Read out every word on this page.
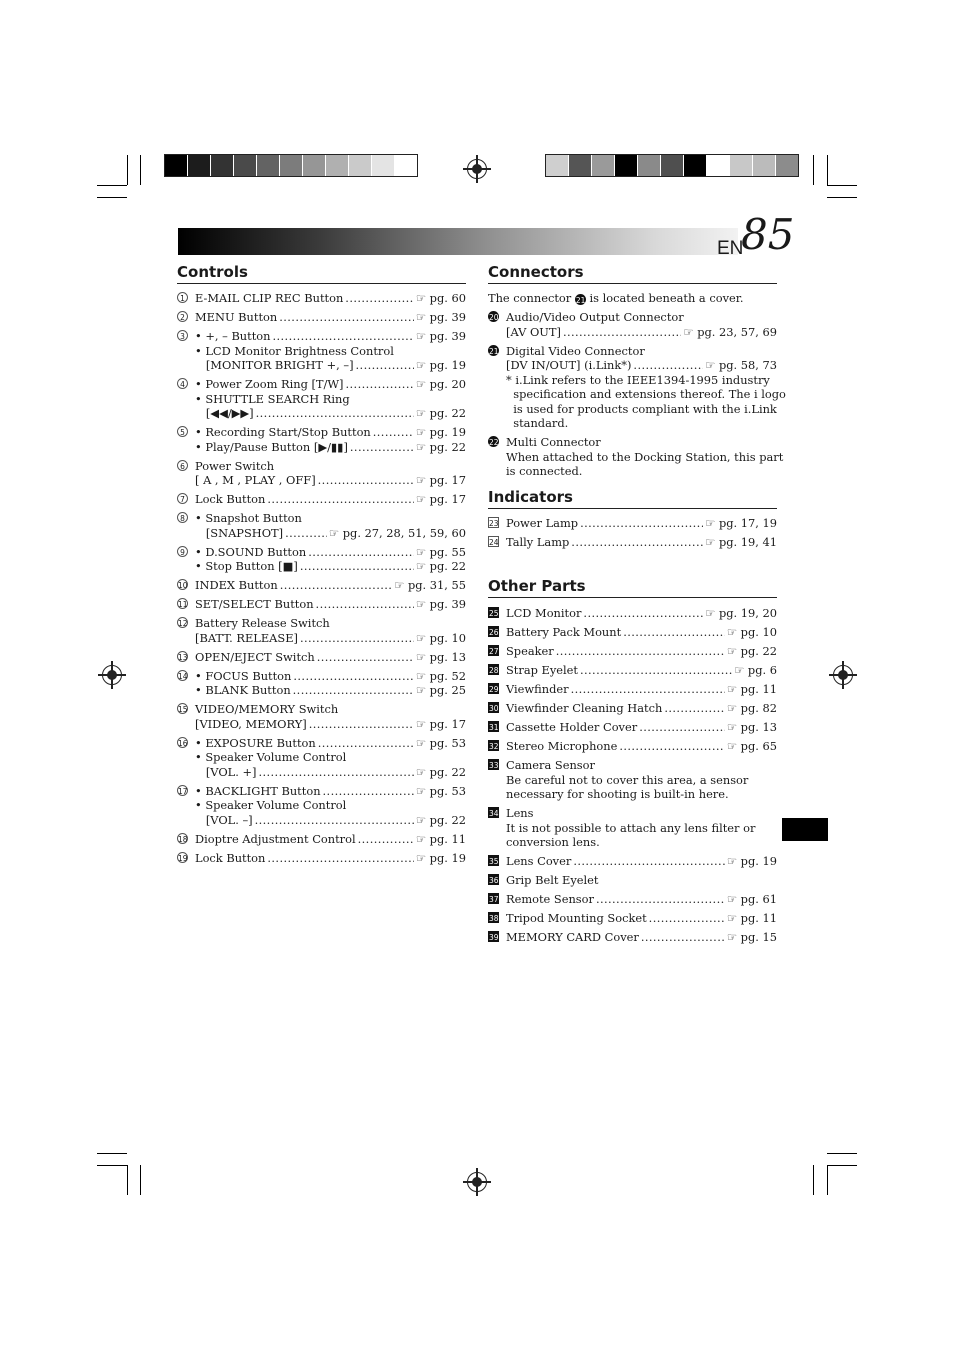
EN
85
Controls	Connectors
Indicators
Other Parts
1 E-MAIL CLIP REC Button .....	☞ pg. 60
2 MENU Button .....	☞ pg. 39
3 • +, – Button .....	☞ pg. 39
• LCD Monitor Brightness Control
[MONITOR BRIGHT +, –] .....	☞ pg. 19
4 • Power Zoom Ring [T/W] .....	☞ pg. 20
• SHUTTLE SEARCH Ring
[◀◀/▶▶] .....	☞ pg. 22
5 • Recording Start/Stop Button .....	☞ pg. 19
• Play/Pause Button [▶/▮▮] .....	☞ pg. 22
6 Power Switch
[ A , M , PLAY , OFF] .....	☞ pg. 17
7 Lock Button .....	☞ pg. 17
8 • Snapshot Button
[SNAPSHOT] .....	☞ pg. 27, 28, 51, 59, 60
9 • D.SOUND Button .....	☞ pg. 55
• Stop Button [■] .....	☞ pg. 22
10 INDEX Button .....	☞ pg. 31, 55
11 SET/SELECT Button .....	☞ pg. 39
12 Battery Release Switch
[BATT. RELEASE] .....	☞ pg. 10
13 OPEN/EJECT Switch .....	☞ pg. 13
14 • FOCUS Button .....	☞ pg. 52
• BLANK Button .....	☞ pg. 25
15 VIDEO/MEMORY Switch
[VIDEO, MEMORY] .....	☞ pg. 17
16 • EXPOSURE Button .....	☞ pg. 53
• Speaker Volume Control
[VOL. +] .....	☞ pg. 22
17 • BACKLIGHT Button .....	☞ pg. 53
• Speaker Volume Control
[VOL. –] .....	☞ pg. 22
18 Dioptre Adjustment Control .....	☞ pg. 11
19 Lock Button .....	☞ pg. 19
The connector 21 is located beneath a cover.
20 Audio/Video Output Connector
[AV OUT] .....	☞ pg. 23, 57, 69
21 Digital Video Connector
[DV IN/OUT] (i.Link*) .....	☞ pg. 58, 73
* i.Link refers to the IEEE1394-1995 industry
specification and extensions thereof. The i logo
is used for products compliant with the i.Link
standard.
22 Multi Connector
When attached to the Docking Station, this part
is connected.
23 Power Lamp .....	☞ pg. 17, 19
24 Tally Lamp .....	☞ pg. 19, 41
25 LCD Monitor .....	☞ pg. 19, 20
26 Battery Pack Mount .....	☞ pg. 10
27 Speaker .....	☞ pg. 22
28 Strap Eyelet .....	☞ pg. 6
29 Viewfinder .....	☞ pg. 11
30 Viewfinder Cleaning Hatch .....	☞ pg. 82
31 Cassette Holder Cover .....	☞ pg. 13
32 Stereo Microphone .....	☞ pg. 65
33 Camera Sensor
Be careful not to cover this area, a sensor
necessary for shooting is built-in here.
34 Lens
It is not possible to attach any lens filter or
conversion lens.
35 Lens Cover .....	☞ pg. 19
36 Grip Belt Eyelet
37 Remote Sensor .....	☞ pg. 61
38 Tripod Mounting Socket .....	☞ pg. 11
39 MEMORY CARD Cover .....	☞ pg. 15
